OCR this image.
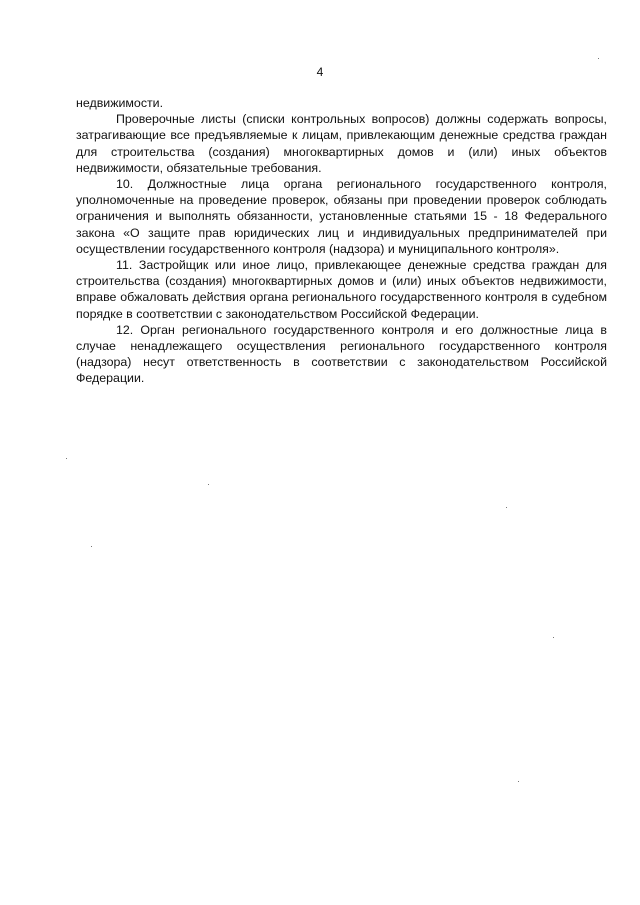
4

недвижимости.

Проверочные листы (списки контрольных вопросов) должны содержать вопросы, затрагивающие все предъявляемые к лицам, привлекающим денежные средства граждан для строительства (создания) многоквартирных домов и (или) иных объектов недвижимости, обязательные требования.

10. Должностные лица органа регионального государственного контроля, уполномоченные на проведение проверок, обязаны при проведении проверок соблюдать ограничения и выполнять обязанности, установленные статьями 15 - 18 Федерального закона «О защите прав юридических лиц и индивидуальных предпринимателей при осуществлении государственного контроля (надзора) и муниципального контроля».

11. Застройщик или иное лицо, привлекающее денежные средства граждан для строительства (создания) многоквартирных домов и (или) иных объектов недвижимости, вправе обжаловать действия органа регионального государственного контроля в судебном порядке в соответствии с законодательством Российской Федерации.

12. Орган регионального государственного контроля и его должностные лица в случае ненадлежащего осуществления регионального государственного контроля (надзора) несут ответственность в соответствии с законодательством Российской Федерации.
